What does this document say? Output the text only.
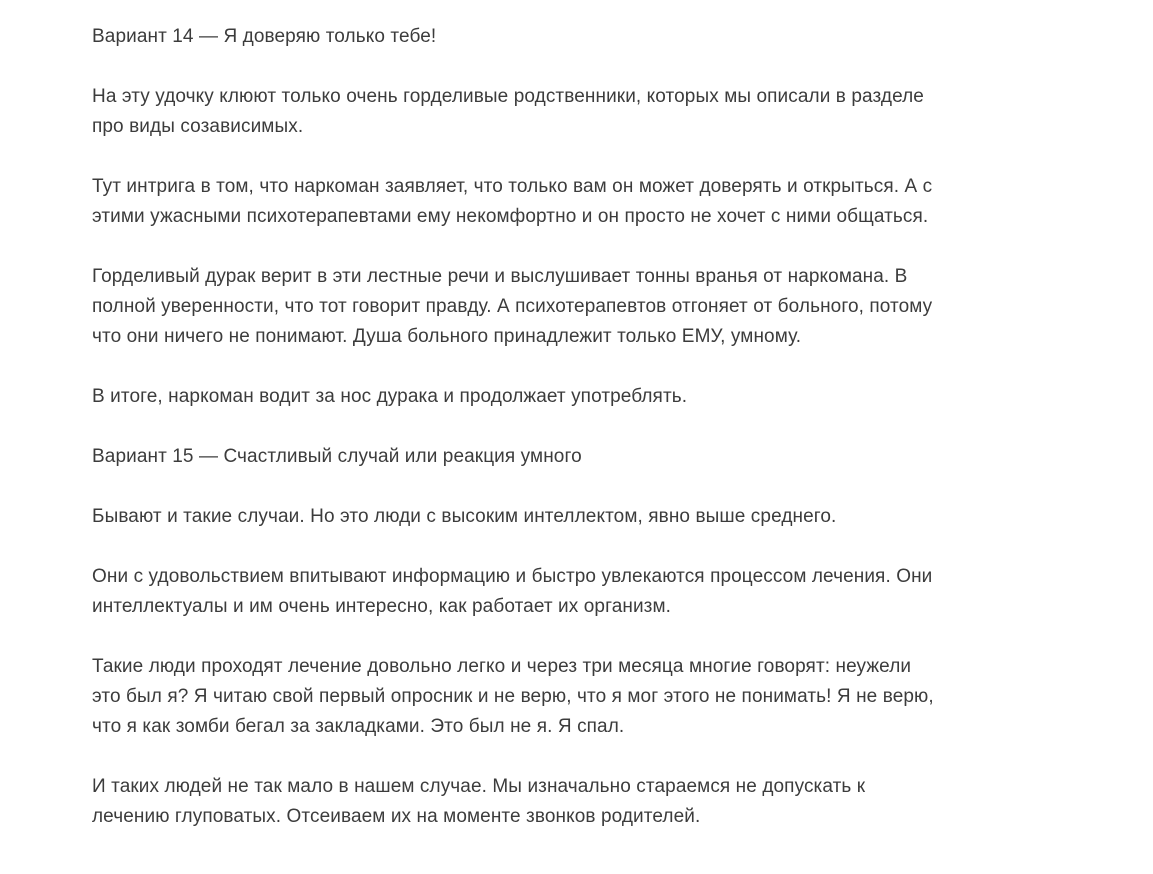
Вариант 14 — Я доверяю только тебе!

На эту удочку клюют только очень горделивые родственники, которых мы описали в разделе про виды созависимых.

Тут интрига в том, что наркоман заявляет, что только вам он может доверять и открыться. А с этими ужасными психотерапевтами ему некомфортно и он просто не хочет с ними общаться.

Горделивый дурак верит в эти лестные речи и выслушивает тонны вранья от наркомана. В полной уверенности, что тот говорит правду. А психотерапевтов отгоняет от больного, потому что они ничего не понимают. Душа больного принадлежит только ЕМУ, умному.

В итоге, наркоман водит за нос дурака и продолжает употреблять.

Вариант 15 — Счастливый случай или реакция умного

Бывают и такие случаи. Но это люди с высоким интеллектом, явно выше среднего.

Они с удовольствием впитывают информацию и быстро увлекаются процессом лечения. Они интеллектуалы и им очень интересно, как работает их организм.

Такие люди проходят лечение довольно легко и через три месяца многие говорят: неужели это был я? Я читаю свой первый опросник и не верю, что я мог этого не понимать! Я не верю, что я как зомби бегал за закладками. Это был не я. Я спал.

И таких людей не так мало в нашем случае. Мы изначально стараемся не допускать к лечению глуповатых. Отсеиваем их на моменте звонков родителей.
